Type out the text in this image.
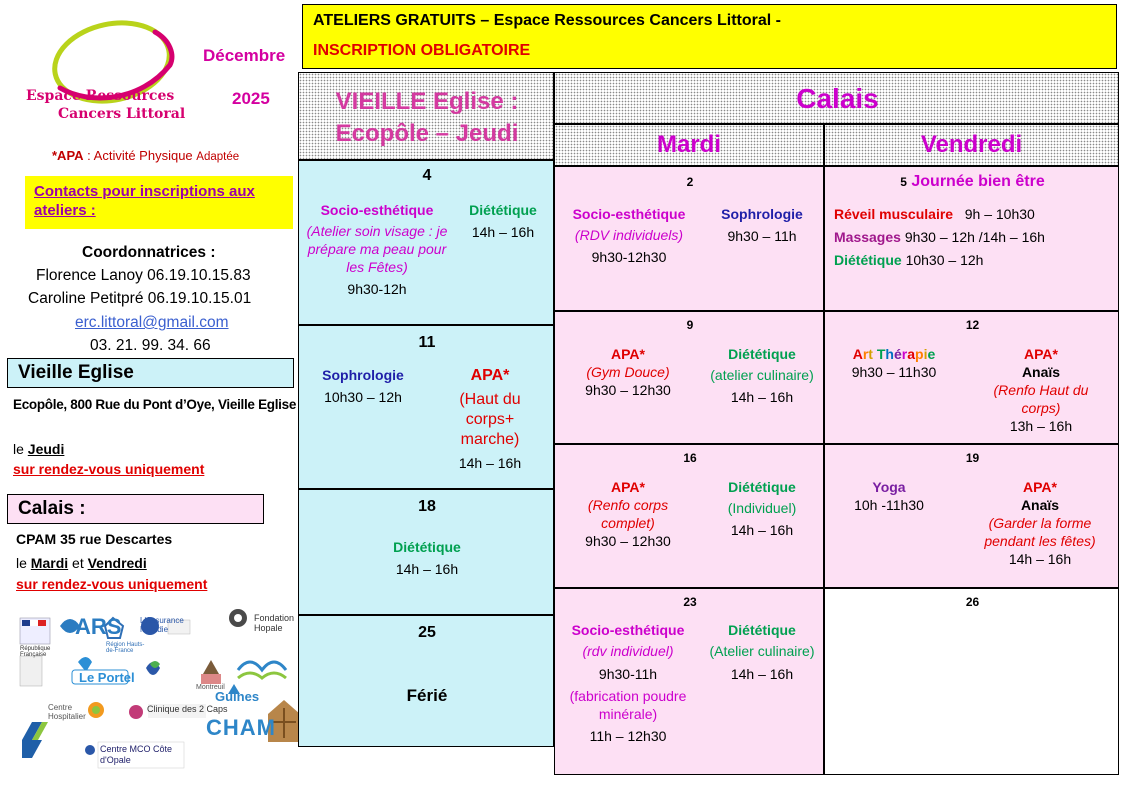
ATELIERS GRATUITS – Espace Ressources Cancers Littoral -
INSCRIPTION OBLIGATOIRE
Espace Ressources
Cancers Littoral
Décembre
2025
*APA : Activité Physique Adaptée
Contacts pour inscriptions aux ateliers :
Coordonnatrices :
Florence Lanoy 06.19.10.15.83
Caroline Petitpré 06.19.10.15.01
erc.littoral@gmail.com
03. 21. 99. 34. 66
Vieille Eglise
Ecopôle, 800 Rue du Pont d’Oye, Vieille Eglise
le Jeudi
sur rendez-vous uniquement
Calais :
CPAM 35 rue Descartes
le Mardi et Vendredi
sur rendez-vous uniquement
CHAM
Guînes
Le Portel
ARS	Fondation Hopale
L'Assurance Maladie
Clinique des 2 Caps
Centre MCO Côte d'Opale
Centre Hospitalier
Montreuil
République Française
Région Hauts-de-France
VIEILLE Eglise :
Ecopôle – Jeudi
Calais
Mardi	Vendredi
4
Socio-esthétique
(Atelier soin visage : je prépare ma peau pour les Fêtes)
9h30-12h
Diététique
14h – 16h
11
Sophrologie
10h30 – 12h
APA*
(Haut du corps+ marche)
14h – 16h
18
Diététique
14h – 16h
25
Férié
2
Socio-esthétique
(RDV individuels)
9h30-12h30
Sophrologie
9h30 – 11h
5 Journée bien être
Réveil musculaire 9h – 10h30
Massages 9h30 – 12h /14h – 16h
Diététique 10h30 – 12h
9
APA*
(Gym Douce)
9h30 – 12h30
Diététique
(atelier culinaire)
14h – 16h
12
Art Thérapie
9h30 – 11h30
APA*
Anaïs
(Renfo Haut du corps)
13h – 16h
16
APA*
(Renfo corps complet)
9h30 – 12h30
Diététique
(Individuel)
14h – 16h
19
Yoga
10h -11h30
APA*
Anaïs
(Garder la forme pendant les fêtes)
14h – 16h
23
Socio-esthétique
(rdv individuel)
9h30-11h
(fabrication poudre minérale)
11h – 12h30
Diététique
(Atelier culinaire)
14h – 16h
26
